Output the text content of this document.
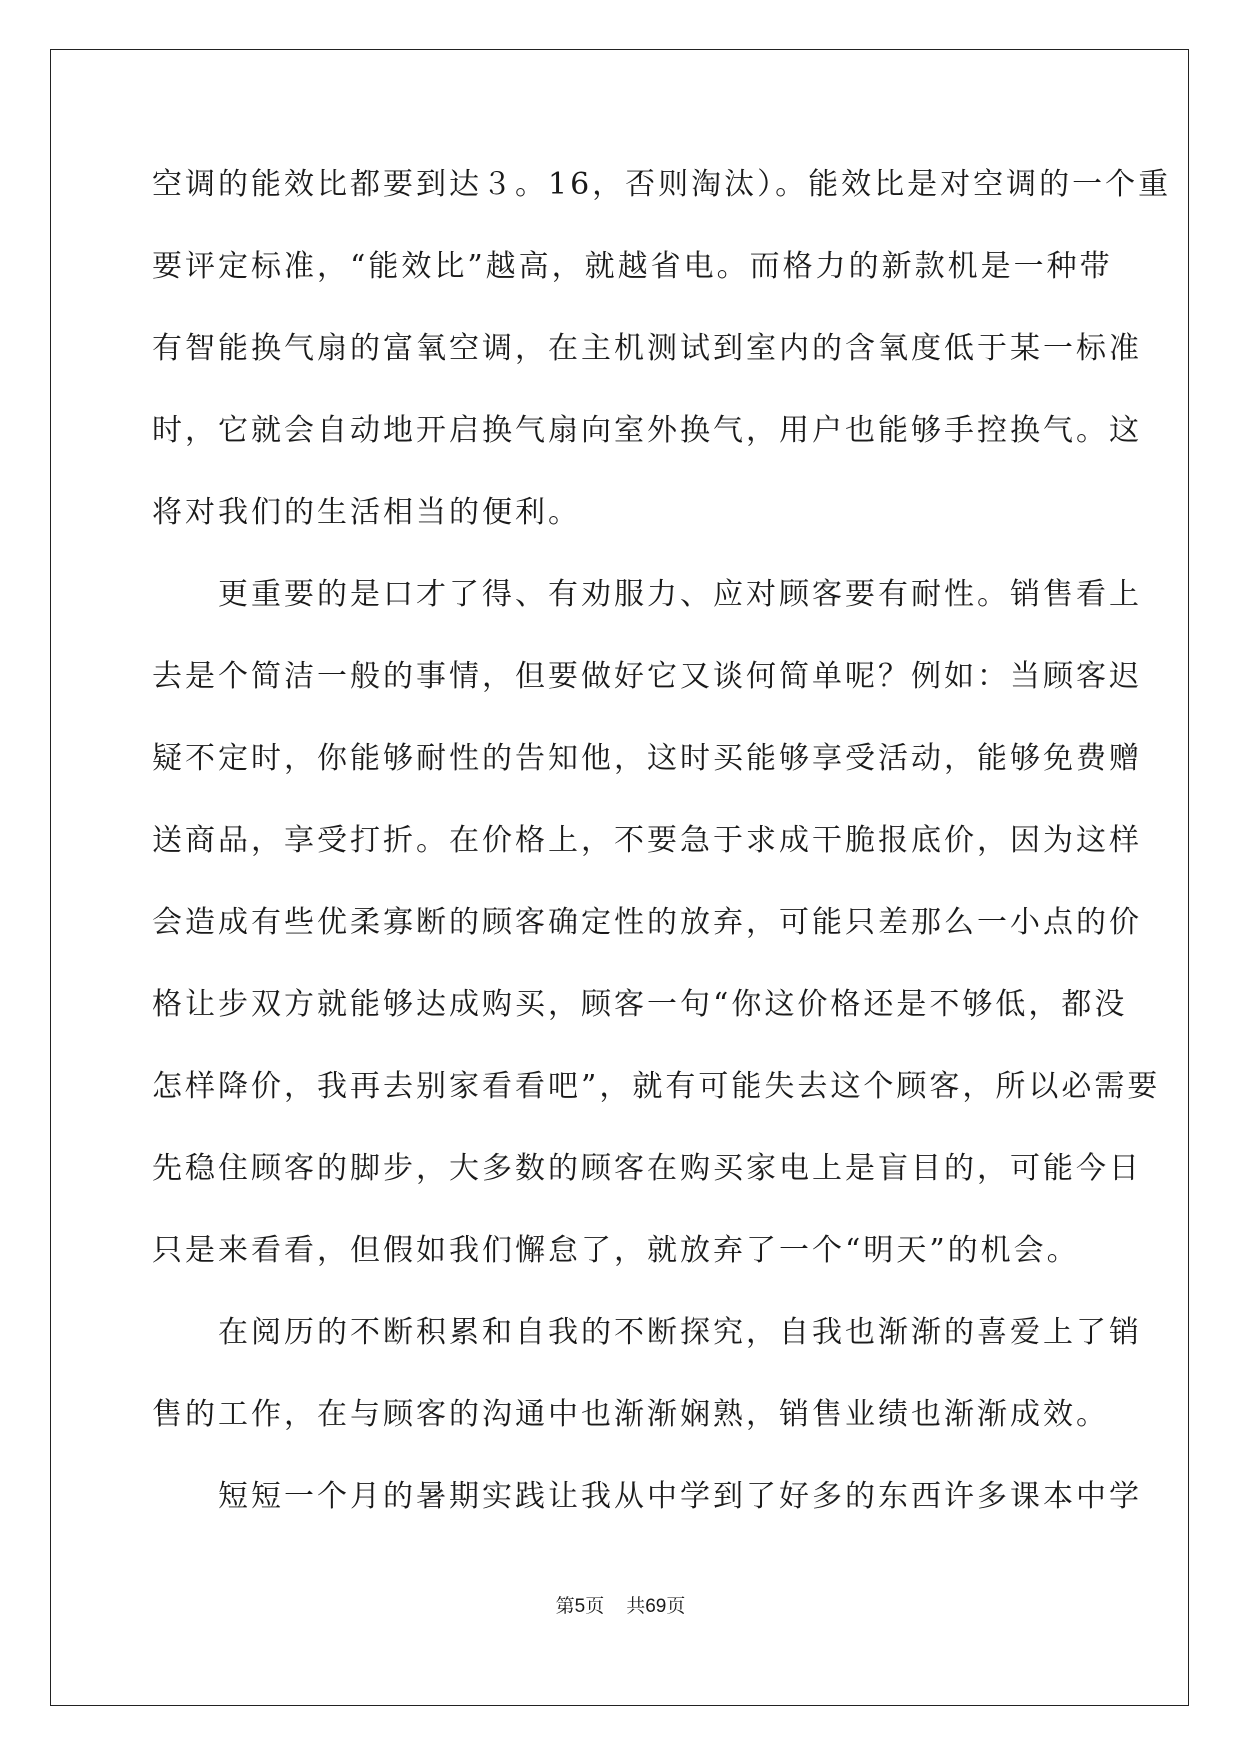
空调的能效比都要到达３。16，否则淘汰）。能效比是对空调的一个重
要评定标准，“能效比”越高，就越省电。而格力的新款机是一种带
有智能换气扇的富氧空调，在主机测试到室内的含氧度低于某一标准
时，它就会自动地开启换气扇向室外换气，用户也能够手控换气。这
将对我们的生活相当的便利。
　　更重要的是口才了得、有劝服力、应对顾客要有耐性。销售看上
去是个简洁一般的事情，但要做好它又谈何简单呢？例如：当顾客迟
疑不定时，你能够耐性的告知他，这时买能够享受活动，能够免费赠
送商品，享受打折。在价格上，不要急于求成干脆报底价，因为这样
会造成有些优柔寡断的顾客确定性的放弃，可能只差那么一小点的价
格让步双方就能够达成购买，顾客一句“你这价格还是不够低，都没
怎样降价，我再去别家看看吧”，就有可能失去这个顾客，所以必需要
先稳住顾客的脚步，大多数的顾客在购买家电上是盲目的，可能今日
只是来看看，但假如我们懈怠了，就放弃了一个“明天”的机会。
　　在阅历的不断积累和自我的不断探究，自我也渐渐的喜爱上了销
售的工作，在与顾客的沟通中也渐渐娴熟，销售业绩也渐渐成效。
　　短短一个月的暑期实践让我从中学到了好多的东西许多课本中学
第5页 共69页
